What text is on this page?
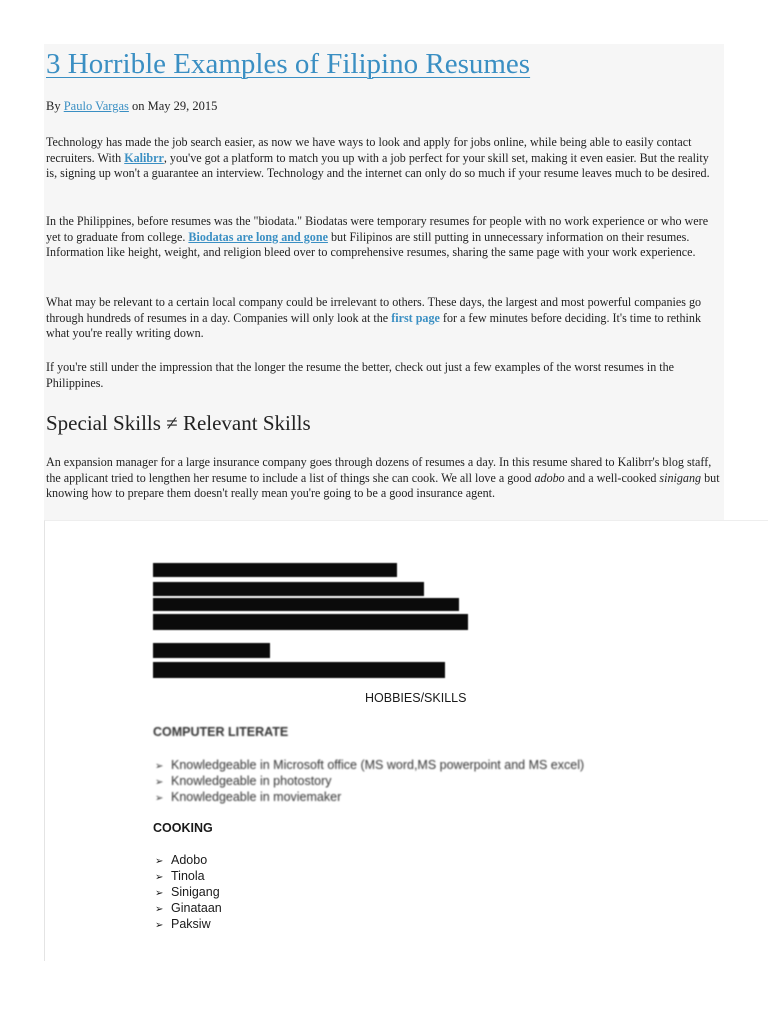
3 Horrible Examples of Filipino Resumes
By Paulo Vargas on May 29, 2015

Technology has made the job search easier, as now we have ways to look and apply for jobs online, while being able to easily contact recruiters. With Kalibrr, you've got a platform to match you up with a job perfect for your skill set, making it even easier. But the reality is, signing up won't a guarantee an interview. Technology and the internet can only do so much if your resume leaves much to be desired.

In the Philippines, before resumes was the "biodata." Biodatas were temporary resumes for people with no work experience or who were yet to graduate from college. Biodatas are long and gone but Filipinos are still putting in unnecessary information on their resumes. Information like height, weight, and religion bleed over to comprehensive resumes, sharing the same page with your work experience.

What may be relevant to a certain local company could be irrelevant to others. These days, the largest and most powerful companies go through hundreds of resumes in a day. Companies will only look at the first page for a few minutes before deciding. It's time to rethink what you're really writing down.

If you're still under the impression that the longer the resume the better, check out just a few examples of the worst resumes in the Philippines.

Special Skills ≠ Relevant Skills

An expansion manager for a large insurance company goes through dozens of resumes a day. In this resume shared to Kalibrr's blog staff, the applicant tried to lengthen her resume to include a list of things she can cook. We all love a good adobo and a well-cooked sinigang but knowing how to prepare them doesn't really mean you're going to be a good insurance agent.

HOBBIES/SKILLS
COMPUTER LITERATE
➢ Knowledgeable in Microsoft office (MS word,MS powerpoint and MS excel)
➢ Knowledgeable in photostory
➢ Knowledgeable in moviemaker
COOKING
➢ Adobo
➢ Tinola
➢ Sinigang
➢ Ginataan
➢ Paksiw
